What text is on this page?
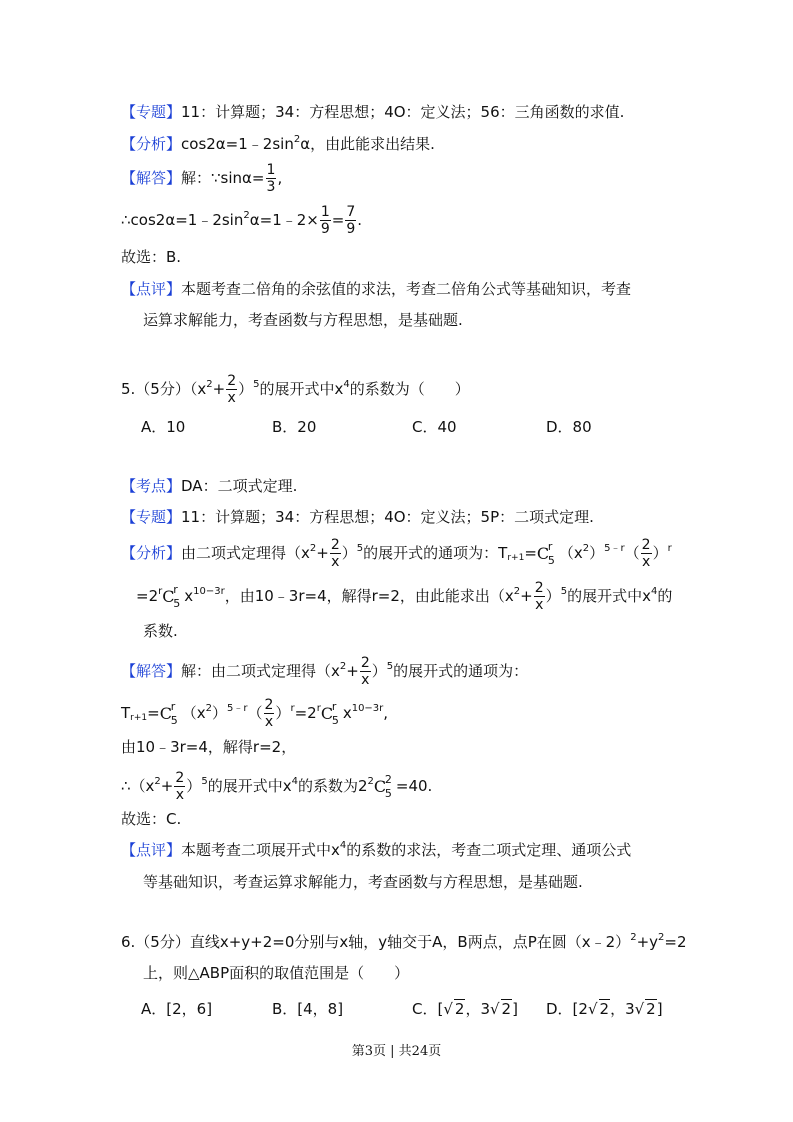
【专题】11：计算题；34：方程思想；4O：定义法；56：三角函数的求值.
【分析】$\cos 2\alpha=1﹣2\sin^2\alpha$，由此能求出结果.
【解答】解：∵sinα= $\frac{1}{3}$ ,
$\therefore\cos 2\alpha=1﹣2\sin^2\alpha=1﹣2\times \frac{1}{9} = \frac{7}{9}$ .
故选：B.
【点评】本题考查二倍角的余弦值的求法，考查二倍角公式等基础知识，考查
运算求解能力，考查函数与方程思想，是基础题.
5.（5分）$(x^2+ \frac{2}{x} )^5$的展开式中$x^4$的系数为（　　）
A．10	B．20	C．40	D．80
【考点】DA：二项式定理.
【专题】11：计算题；34：方程思想；4O：定义法；5P：二项式定理.
【分析】由二项式定理得$(x^2+ \frac{2}{x} )^5$的展开式的通项为：$T_{r+1}= C$
r
5 $(x^2)^{5﹣r}( \frac{2}{x} )^r$
$=2^r$ C
r
5 $x^{10-3r}$，由10﹣3r=4，解得r=2，由此能求出$(x^2+ \frac{2}{x} )^5$的展开式中$x^4$的
系数.
【解答】解：由二项式定理得$(x^2+ \frac{2}{x} )^5$的展开式的通项为：
$T_{r+1}= C$
r
5 $(x^2)^{5﹣r}( \frac{2}{x} )^r=2^r$ C
r
5 $x^{10-3r}$,
由10﹣3r=4，解得r=2，
$\therefore(x^2+ \frac{2}{x} )^5$的展开式中$x^4$的系数为$2^2$ C
2
5 =40.
故选：C.
【点评】本题考查二项展开式中$x^4$的系数的求法，考查二项式定理、通项公式
等基础知识，考查运算求解能力，考查函数与方程思想，是基础题.
6.（5分）直线x+y+2=0分别与x轴，y轴交于A，B两点，点P在圆$(x﹣2)^2+y^2=2$
上，则△ABP面积的取值范围是（　　）
A．[2，6]	B．[4，8]	C．[√ 2，3√ 2] D．[2√ 2，3√ 2]
第3页 | 共24页
